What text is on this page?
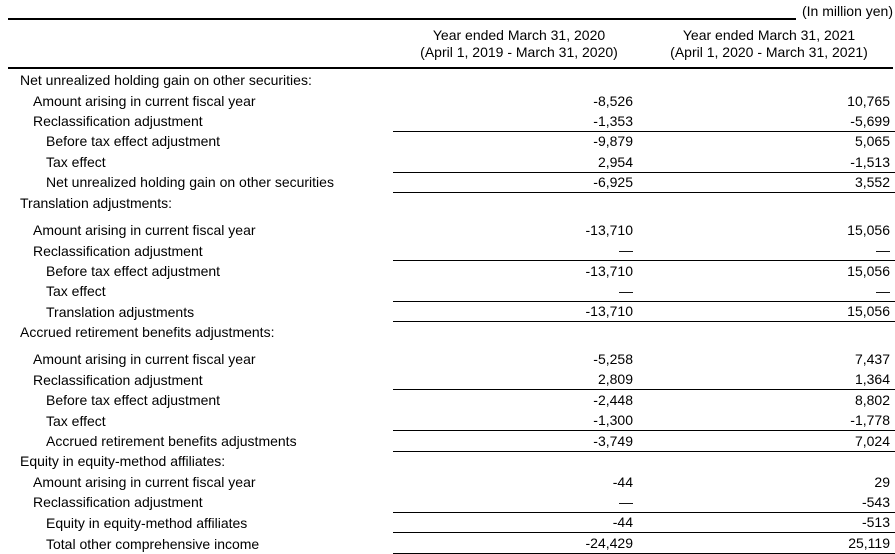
(In million yen)
Year ended March 31, 2020
(April 1, 2019 - March 31, 2020)
Year ended March 31, 2021
(April 1, 2020 - March 31, 2021)
Net unrealized holding gain on other securities:
Amount arising in current fiscal year	-8,526	10,765
Reclassification adjustment	-1,353	-5,699
Before tax effect adjustment	-9,879	5,065
Tax effect	2,954	-1,513
Net unrealized holding gain on other securities	-6,925	3,552
Translation adjustments:
Amount arising in current fiscal year	-13,710	15,056
Reclassification adjustment	—	—
Before tax effect adjustment	-13,710	15,056
Tax effect	—	—
Translation adjustments	-13,710	15,056
Accrued retirement benefits adjustments:
Amount arising in current fiscal year	-5,258	7,437
Reclassification adjustment	2,809	1,364
Before tax effect adjustment	-2,448	8,802
Tax effect	-1,300	-1,778
Accrued retirement benefits adjustments	-3,749	7,024
Equity in equity-method affiliates:
Amount arising in current fiscal year	-44	29
Reclassification adjustment	—	-543
Equity in equity-method affiliates	-44	-513
Total other comprehensive income	-24,429	25,119
